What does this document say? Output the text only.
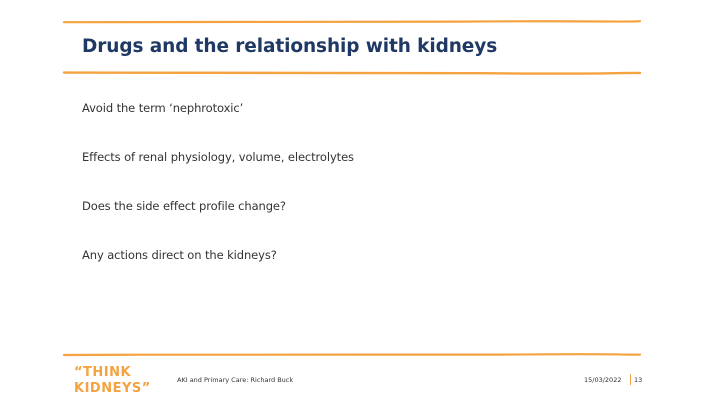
Drugs and the relationship with kidneys
Avoid the term ‘nephrotoxic’
Effects of renal physiology, volume, electrolytes
Does the side effect profile change?
Any actions direct on the kidneys?
“THINK
KIDNEYS”
AKI and Primary Care: Richard Buck	15/03/2022 13
